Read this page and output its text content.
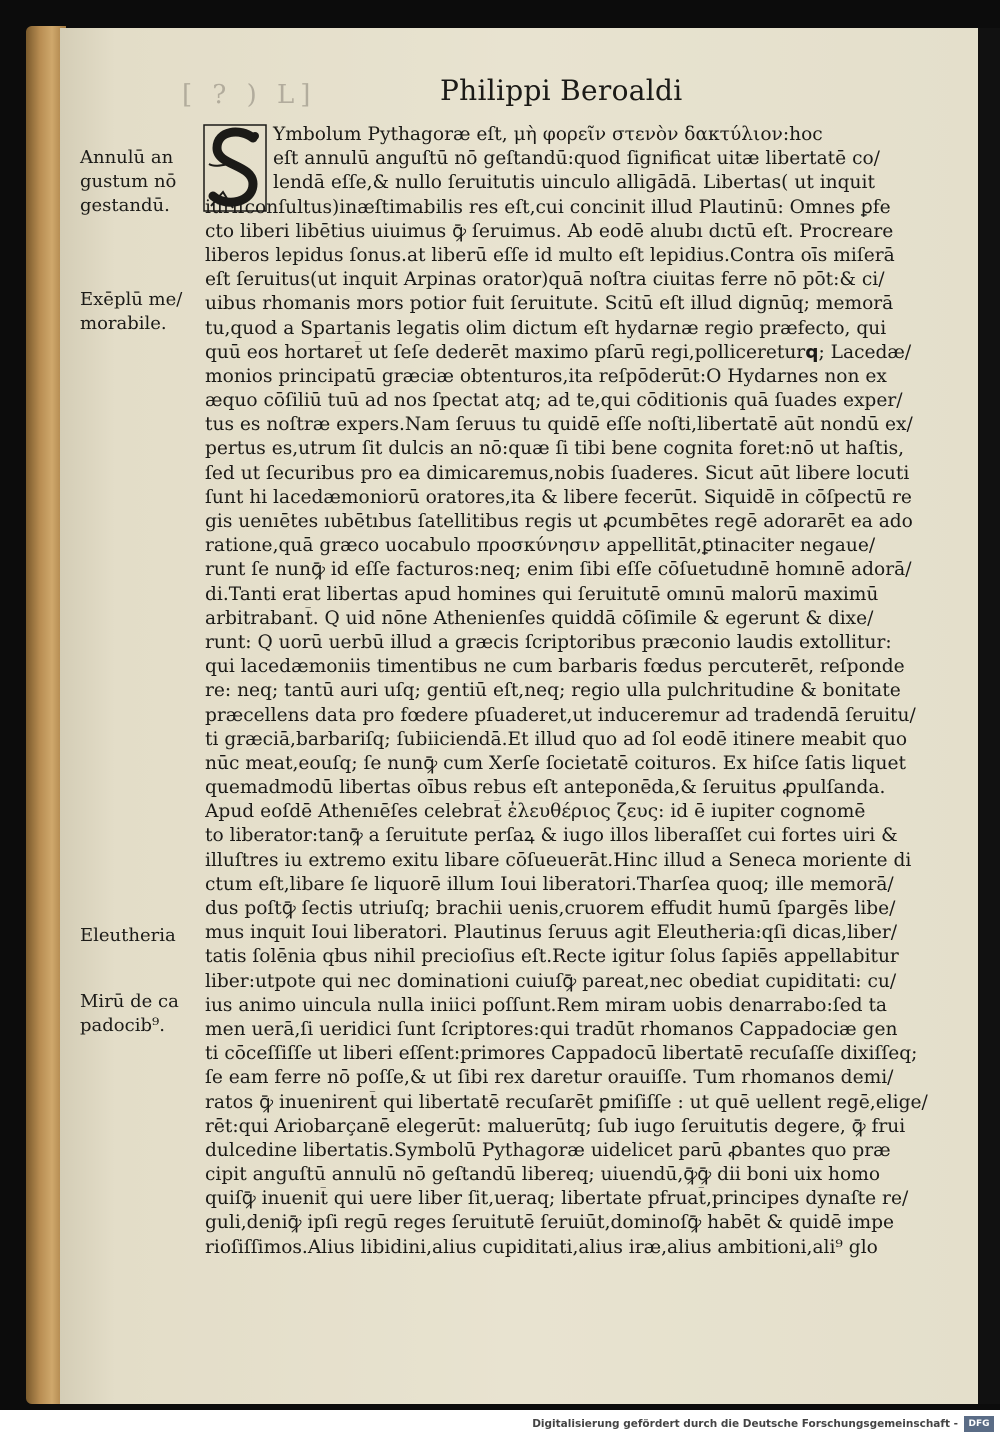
[ ? ) L]	Philippi Beroaldi
Annulū an
gustum nō
gestandū.
Exēplū me/
morabile.
Eleutheria
Mirū de ca
padocib⁹.
Ymbolum Pythagoræ eſt, μὴ φορεῖν στενὸν δακτύλιον:hoc
eſt annulū anguſtū nō geſtandū:quod ſignificat uitæ libertatē co/
lendā eſſe,& nullo ſeruitutis uinculo alligādā. Libertas( ut inquit
iuriſconſultus)inæſtimabilis res eſt,cui concinit illud Plautinū: Omnes ꝑfe
cto liberi libētius uiuimus ꝙ̄ ſeruimus. Ab eodē alıubı dıctū eſt. Procreare
liberos lepidus ſonus.at liberū eſſe id multo eſt lepidius.Contra oīs miſerā
eſt ſeruitus(ut inquit Arpinas orator)quā noſtra ciuitas ferre nō pōt:& ci/
uibus rhomanis mors potior fuit ſeruitute. Scitū eſt illud dignūq; memorā
tu,quod a Spartanis legatis olim dictum eſt hydarnæ regio præfecto, qui
quū eos hortaret̄ ut ſeſe dederēt maximo pſarū regi,polliceretur𝗾; Lacedæ/
monios principatū græciæ obtenturos,ita reſpōderūt:O Hydarnes non ex
æquo cōſiliū tuū ad nos ſpectat atq; ad te,qui cōditionis quā ſuades exper/
tus es noſtræ expers.Nam ſeruus tu quidē eſſe noſti,libertatē aūt nondū ex/
pertus es,utrum ſit dulcis an nō:quæ ſi tibi bene cognita foret:nō ut haſtis,
ſed ut ſecuribus pro ea dimicaremus,nobis ſuaderes. Sicut aūt libere locuti
ſunt hi lacedæmoniorū oratores,ita & libere fecerūt. Siquidē in cōſpectū re
gis uenıētes ıubētıbus ſatellitibus regis ut ꝓcumbētes regē adorarēt ea ado
ratione,quā græco uocabulo προσκύνησιν appellitāt,ꝑtinaciter negaue/
runt ſe nunꝙ̄ id eſſe facturos:neq; enim ſibi eſſe cōſuetudınē homınē adorā/
di.Tanti erat libertas apud homines qui ſeruitutē omınū malorū maximū
arbitrabant̄. Q uid nōne Athenienſes quiddā cōſimile & egerunt & dixe/
runt: Q uorū uerbū illud a græcis ſcriptoribus præconio laudis extollitur:
qui lacedæmoniis timentibus ne cum barbaris fœdus percuterēt, reſponde
re: neq; tantū auri uſq; gentiū eſt,neq; regio ulla pulchritudine & bonitate
præcellens data pro fœdere pſuaderet,ut induceremur ad tradendā ſeruitu/
ti græciā,barbariſq; ſubiiciendā.Et illud quo ad ſol eodē itinere meabit quo
nūc meat,eouſq; ſe nunꝙ̄ cum Xerſe ſocietatē coituros. Ex hiſce ſatis liquet
quemadmodū libertas oībus rebus eſt anteponēda,& ſeruitus ꝓpulſanda.
Apud eoſdē Athenıēſes celebrat̄ ἐλευθέριος ζευς: id ē iupiter cognomē
to liberator:tanꝙ̄ a ſeruitute perſaꝝ & iugo illos liberaſſet cui fortes uiri &
illuſtres iu extremo exitu libare cōſueuerāt.Hinc illud a Seneca moriente di
ctum eſt,libare ſe liquorē illum Ioui liberatori.Tharſea quoq; ille memorā/
dus poſtꝙ̄ ſectis utriuſq; brachii uenis,cruorem effudit humū ſpargēs libe/
mus inquit Ioui liberatori. Plautinus ſeruus agit Eleutheria:qſi dicas,liber/
tatis ſolēnia qbus nihil precioſius eſt.Recte igitur ſolus ſapiēs appellabitur
liber:utpote qui nec dominationi cuiuſꝙ̄ pareat,nec obediat cupiditati: cu/
ius animo uincula nulla iniici poſſunt.Rem miram uobis denarrabo:ſed ta
men uerā,ſi ueridici ſunt ſcriptores:qui tradūt rhomanos Cappadociæ gen
ti cōceſſiſſe ut liberi eſſent:primores Cappadocū libertatē recuſaſſe dixiſſeq;
ſe eam ferre nō poſſe,& ut ſibi rex daretur orauiſſe. Tum rhomanos demi/
ratos ꝙ̄ inuenirent̄ qui libertatē recuſarēt ꝑmiſiſſe : ut quē uellent regē,elige/
rēt:qui Ariobarçanē elegerūt: maluerūtq; ſub iugo ſeruitutis degere, ꝙ̄ frui
dulcedine libertatis.Symbolū Pythagoræ uidelicet parū ꝓbantes quo præ
cipit anguſtū annulū nō geſtandū libereq; uiuendū,ꝙ̄ꝙ̄ dii boni uix homo
quiſꝙ̄ inuenit̄ qui uere liber ſit,ueraq; libertate pfruat̄,principes dynaſte re/
guli,deniꝙ̄ ipſi regū reges ſeruitutē ſeruiūt,dominoſꝙ̄ habēt & quidē impe
rioſiſſimos.Alius libidini,alius cupiditati,alius iræ,alius ambitioni,ali⁹ glo
Digitalisierung gefördert durch die Deutsche Forschungsgemeinschaft -	DFG
